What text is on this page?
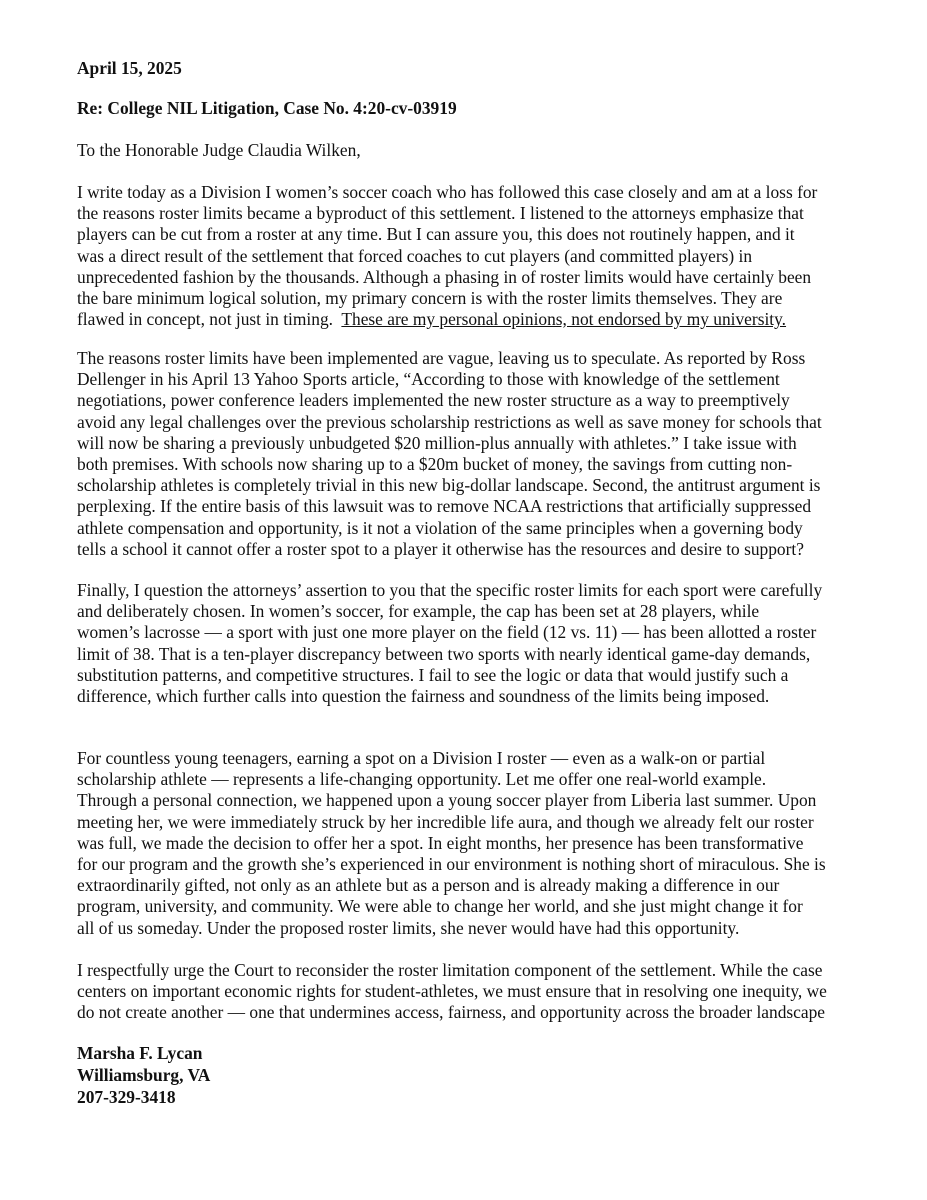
April 15, 2025
Re: College NIL Litigation, Case No. 4:20-cv-03919
To the Honorable Judge Claudia Wilken,
I write today as a Division I women’s soccer coach who has followed this case closely and am at a loss for
the reasons roster limits became a byproduct of this settlement. I listened to the attorneys emphasize that
players can be cut from a roster at any time. But I can assure you, this does not routinely happen, and it
was a direct result of the settlement that forced coaches to cut players (and committed players) in
unprecedented fashion by the thousands. Although a phasing in of roster limits would have certainly been
the bare minimum logical solution, my primary concern is with the roster limits themselves. They are
flawed in concept, not just in timing.  These are my personal opinions, not endorsed by my university.
The reasons roster limits have been implemented are vague, leaving us to speculate. As reported by Ross
Dellenger in his April 13 Yahoo Sports article, “According to those with knowledge of the settlement
negotiations, power conference leaders implemented the new roster structure as a way to preemptively
avoid any legal challenges over the previous scholarship restrictions as well as save money for schools that
will now be sharing a previously unbudgeted $20 million-plus annually with athletes.” I take issue with
both premises. With schools now sharing up to a $20m bucket of money, the savings from cutting non-
scholarship athletes is completely trivial in this new big-dollar landscape. Second, the antitrust argument is
perplexing. If the entire basis of this lawsuit was to remove NCAA restrictions that artificially suppressed
athlete compensation and opportunity, is it not a violation of the same principles when a governing body
tells a school it cannot offer a roster spot to a player it otherwise has the resources and desire to support?
Finally, I question the attorneys’ assertion to you that the specific roster limits for each sport were carefully
and deliberately chosen. In women’s soccer, for example, the cap has been set at 28 players, while
women’s lacrosse — a sport with just one more player on the field (12 vs. 11) — has been allotted a roster
limit of 38. That is a ten-player discrepancy between two sports with nearly identical game-day demands,
substitution patterns, and competitive structures. I fail to see the logic or data that would justify such a
difference, which further calls into question the fairness and soundness of the limits being imposed.
For countless young teenagers, earning a spot on a Division I roster — even as a walk-on or partial
scholarship athlete — represents a life-changing opportunity. Let me offer one real-world example.
Through a personal connection, we happened upon a young soccer player from Liberia last summer. Upon
meeting her, we were immediately struck by her incredible life aura, and though we already felt our roster
was full, we made the decision to offer her a spot. In eight months, her presence has been transformative
for our program and the growth she’s experienced in our environment is nothing short of miraculous. She is
extraordinarily gifted, not only as an athlete but as a person and is already making a difference in our
program, university, and community. We were able to change her world, and she just might change it for
all of us someday. Under the proposed roster limits, she never would have had this opportunity.
I respectfully urge the Court to reconsider the roster limitation component of the settlement. While the case
centers on important economic rights for student-athletes, we must ensure that in resolving one inequity, we
do not create another — one that undermines access, fairness, and opportunity across the broader landscape
Marsha F. Lycan
Williamsburg, VA
207-329-3418
